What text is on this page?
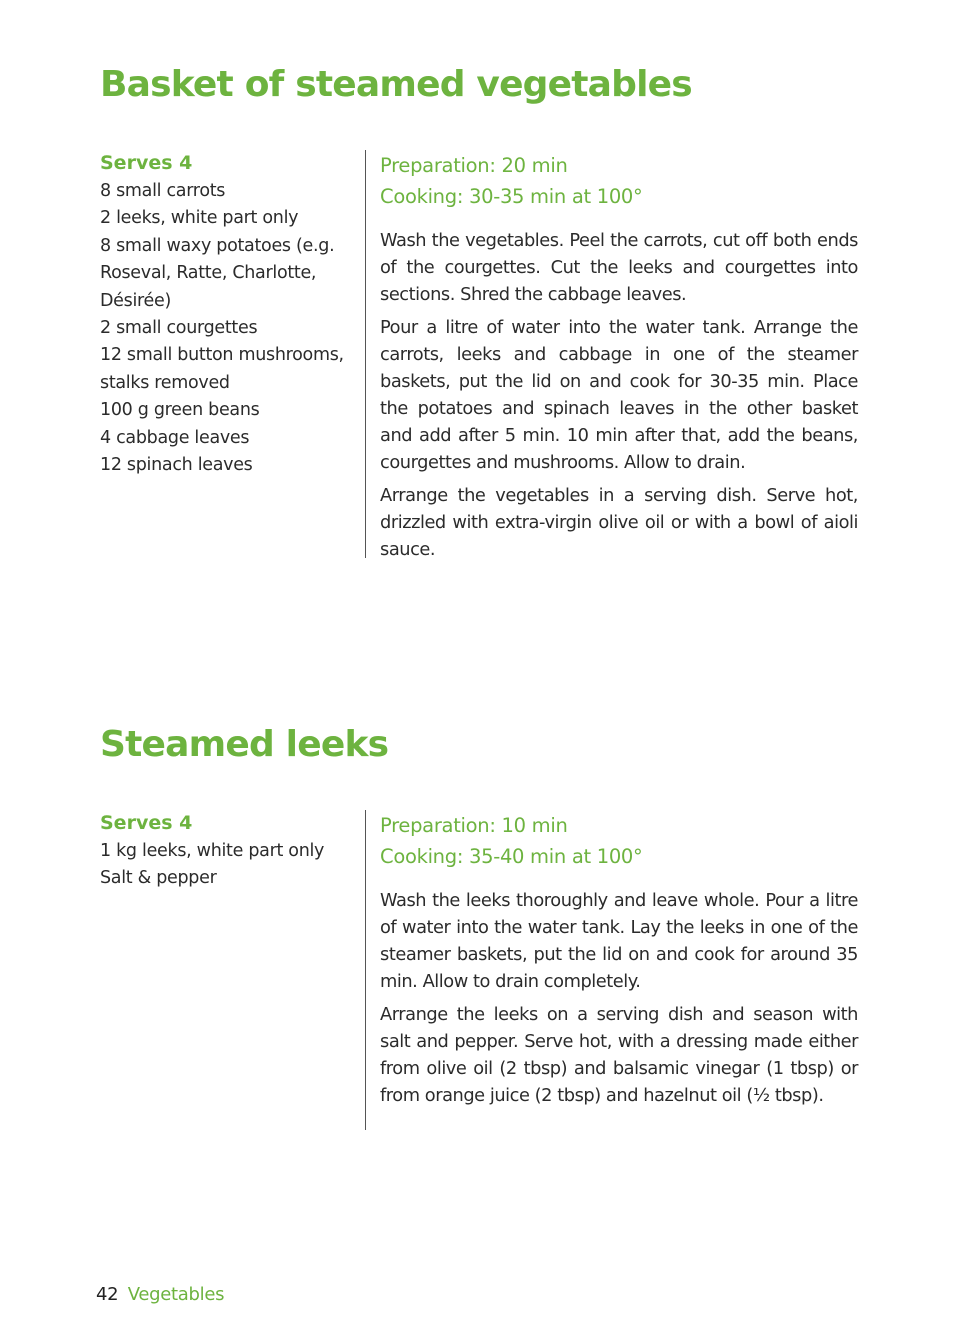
Basket of steamed vegetables
Serves 4
8 small carrots
2 leeks, white part only
8 small waxy potatoes (e.g.
Roseval, Ratte, Charlotte,
Désirée)
2 small courgettes
12 small button mushrooms,
stalks removed
100 g green beans
4 cabbage leaves
12 spinach leaves
Preparation: 20 min
Cooking: 30-35 min at 100°

Wash the vegetables. Peel the carrots, cut off both ends of the courgettes. Cut the leeks and courgettes into sections. Shred the cabbage leaves.

Pour a litre of water into the water tank. Arrange the carrots, leeks and cabbage in one of the steamer baskets, put the lid on and cook for 30-35 min. Place the potatoes and spinach leaves in the other basket and add after 5 min. 10 min after that, add the beans, courgettes and mushrooms. Allow to drain.

Arrange the vegetables in a serving dish. Serve hot, drizzled with extra-virgin olive oil or with a bowl of aioli sauce.

Steamed leeks
Serves 4
1 kg leeks, white part only
Salt & pepper
Preparation: 10 min
Cooking: 35-40 min at 100°

Wash the leeks thoroughly and leave whole. Pour a litre of water into the water tank. Lay the leeks in one of the steamer baskets, put the lid on and cook for around 35 min. Allow to drain completely.

Arrange the leeks on a serving dish and season with salt and pepper. Serve hot, with a dressing made either from olive oil (2 tbsp) and balsamic vinegar (1 tbsp) or from orange juice (2 tbsp) and hazelnut oil (½ tbsp).

42 Vegetables
